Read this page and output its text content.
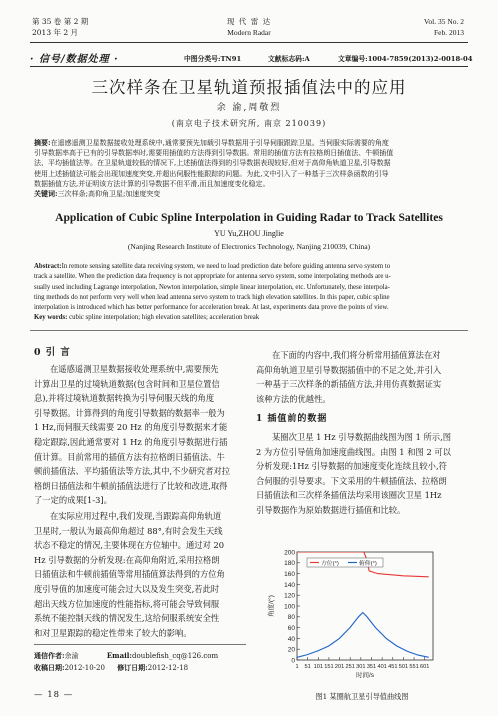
第 35 卷 第 2 期
2013 年 2 月
现 代 雷 达
Modern Radar
Vol. 35 No. 2
Feb. 2013
· 信号/数据处理 ·	中图分类号:TN91	文献标志码:A	文章编号:1004-7859(2013)2-0018-04
三次样条在卫星轨道预报插值法中的应用
余 渝,周敬烈
(南京电子技术研究所, 南京 210039)
摘要:在遥感遥测卫星数据接收处理系统中,通常要预先加载引导数据用于引导伺服跟踪卫星。当伺服实际需要的角度
引导数据率高于已有的引导数据率时,需要用插值的方法得到引导数据。常用的插值方法有拉格朗日插值法、牛顿插值
法、平均插值法等。在卫星轨道较低的情况下,上述插值法得到的引导数据表现较好,但对于高仰角轨道卫星,引导数据
使用上述插值法可能会出现加速度突变,并超出伺服性能跟踪的问题。为此,文中引入了一种基于三次样条函数的引导
数据插值方法,并证明该方法计算的引导数据不但平滑,而且加速度变化稳定。
关键词:三次样条;高仰角卫星;加速度突变
Application of Cubic Spline Interpolation in Guiding Radar to Track Satellites
YU Yu,ZHOU Jinglie
(Nanjing Research Institute of Electronics Technology, Nanjing 210039, China)
Abstract:In remote sensing satellite data receiving system, we need to load prediction date before guiding antenna servo system to
track a satellite. When the prediction data frequency is not appropriate for antenna servo system, some interpolating methods are u-
sually used including Lagrange interpolation, Newton interpolation, simple linear interpolation, etc. Unfortunately, these interpola-
ting methods do not perform very well when lead antenna servo system to track high elevation satellites. In this paper, cubic spline
interpolation is introduced which has better performance for acceleration break. At last, experiments data prove the points of view.
Key words: cubic spline interpolation; high elevation satellites; acceleration break
0 引 言
在遥感遥测卫星数据接收处理系统中,需要预先
计算出卫星的过境轨道数据(包含时间和卫星位置信
息),并将过境轨道数据转换为引导伺服天线的角度
引导数据。计算得到的角度引导数据的数据率一般为
1 Hz,而伺服天线需要 20 Hz 的角度引导数据来才能
稳定跟踪,因此通常要对 1 Hz 的角度引导数据进行插
值计算。目前常用的插值方法有拉格朗日插值法、牛
顿前插值法、平均插值法等方法,其中,不少研究者对拉
格朗日插值法和牛顿前插值法进行了比较和改进,取得
了一定的成果[1-3]。
在实际应用过程中,我们发现,当跟踪高仰角轨道
卫星时,一般认为最高仰角超过 88°,有时会发生天线
状态不稳定的情况,主要体现在方位轴中。通过对 20
Hz 引导数据的分析发现:在高仰角附近,采用拉格朗
日插值法和牛顿前插值等常用插值算法得到的方位角
度引导值的加速度可能会过大以及发生突变,若此时
超出天线方位加速度的性能指标,将可能会导致伺服
系统不能控制天线的情况发生,这给伺服系统安全性
和对卫星跟踪的稳定性带来了较大的影响。
通信作者:余渝	Email:doublefish_cq@126.com
收稿日期:2012-10-20 修订日期:2012-12-18
— 18 —
在下面的内容中,我们将分析常用插值算法在对
高仰角轨道卫星引导数据插值中的不足之处,并引入
一种基于三次样条的新插值方法,并用仿真数据证实
该种方法的优越性。
1 插值前的数据
某圈次卫星 1 Hz 引导数据曲线图为图 1 所示,图
2 为方位引导值角加速度曲线图。由图 1 和图 2 可以
分析发现:1Hz 引导数据的加速度变化连续且较小,符
合伺服的引导要求。下文采用的牛顿插值法、拉格朗
日插值法和三次样条插值法均采用该圈次卫星 1Hz
引导数据作为原始数据进行插值和比较。
200
180
160
140
120
100
80
60
40
20
0
1 51 101 151 201 251 301 351 401 451 501 551 601
角度/(°)
时间/s
方位(°)	俯仰(°)
图1 某圈航卫星引导值曲线图
